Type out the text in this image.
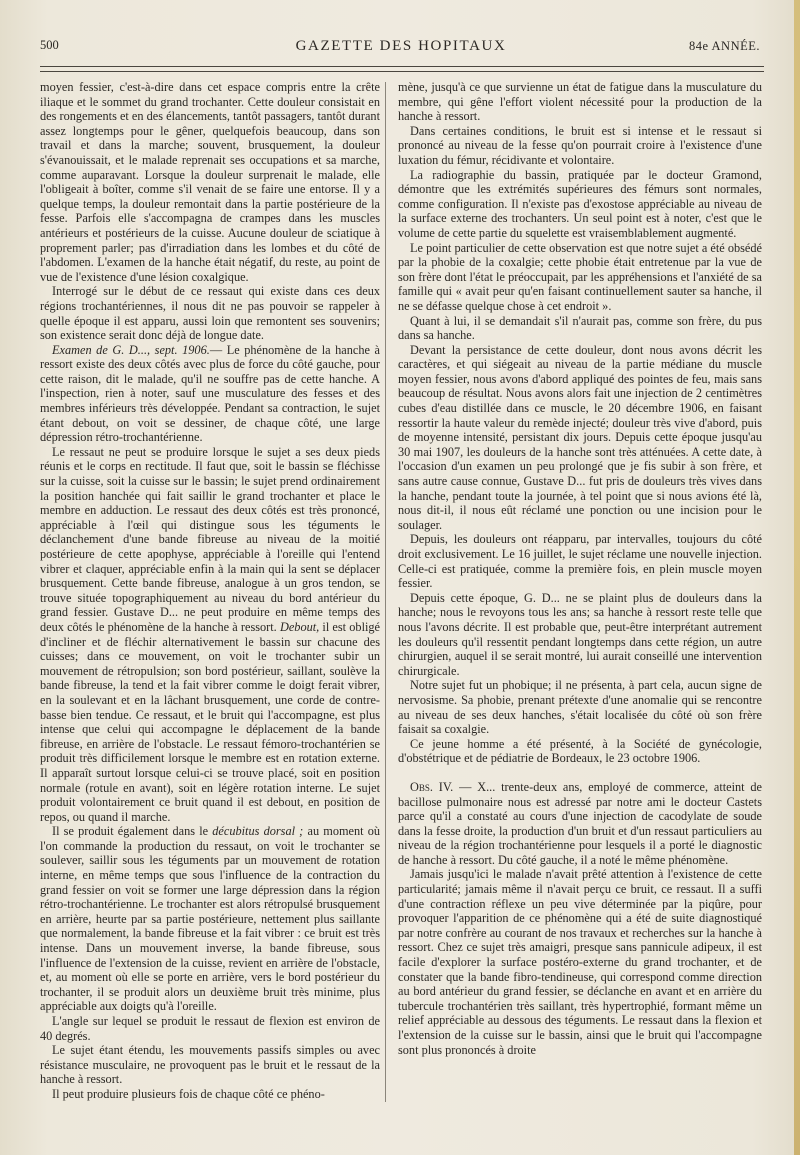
500	GAZETTE DES HOPITAUX	84e ANNÉE.

moyen fessier, c'est-à-dire dans cet espace compris entre la crête iliaque et le sommet du grand trochanter. Cette douleur consistait en des rongements et en des élancements, tantôt passagers, tantôt durant assez longtemps pour le gêner, quelquefois beaucoup, dans son travail et dans la marche; souvent, brusquement, la douleur s'évanouissait, et le malade reprenait ses occupations et sa marche, comme auparavant. Lorsque la douleur surprenait le malade, elle l'obligeait à boîter, comme s'il venait de se faire une entorse. Il y a quelque temps, la douleur remontait dans la partie postérieure de la fesse. Parfois elle s'accompagna de crampes dans les muscles antérieurs et postérieurs de la cuisse. Aucune douleur de sciatique à proprement parler; pas d'irradiation dans les lombes et du côté de l'abdomen. L'examen de la hanche était négatif, du reste, au point de vue de l'existence d'une lésion coxalgique.

Interrogé sur le début de ce ressaut qui existe dans ces deux régions trochantériennes, il nous dit ne pas pouvoir se rappeler à quelle époque il est apparu, aussi loin que remontent ses souvenirs; son existence serait donc déjà de longue date.

Examen de G. D..., sept. 1906.— Le phénomène de la hanche à ressort existe des deux côtés avec plus de force du côté gauche, pour cette raison, dit le malade, qu'il ne souffre pas de cette hanche. A l'inspection, rien à noter, sauf une musculature des fesses et des membres inférieurs très développée. Pendant sa contraction, le sujet étant debout, on voit se dessiner, de chaque côté, une large dépression rétro-trochantérienne.

Le ressaut ne peut se produire lorsque le sujet a ses deux pieds réunis et le corps en rectitude. Il faut que, soit le bassin se fléchisse sur la cuisse, soit la cuisse sur le bassin; le sujet prend ordinairement la position hanchée qui fait saillir le grand trochanter et place le membre en adduction. Le ressaut des deux côtés est très prononcé, appréciable à l'œil qui distingue sous les téguments le déclanchement d'une bande fibreuse au niveau de la moitié postérieure de cette apophyse, appréciable à l'oreille qui l'entend vibrer et claquer, appréciable enfin à la main qui la sent se déplacer brusquement. Cette bande fibreuse, analogue à un gros tendon, se trouve située topographiquement au niveau du bord antérieur du grand fessier. Gustave D... ne peut produire en même temps des deux côtés le phénomène de la hanche à ressort. Debout, il est obligé d'incliner et de fléchir alternativement le bassin sur chacune des cuisses; dans ce mouvement, on voit le trochanter subir un mouvement de rétropulsion; son bord postérieur, saillant, soulève la bande fibreuse, la tend et la fait vibrer comme le doigt ferait vibrer, en la soulevant et en la lâchant brusquement, une corde de contre-basse bien tendue. Ce ressaut, et le bruit qui l'accompagne, est plus intense que celui qui accompagne le déplacement de la bande fibreuse, en arrière de l'obstacle. Le ressaut fémoro-trochantérien se produit très difficilement lorsque le membre est en rotation externe. Il apparaît surtout lorsque celui-ci se trouve placé, soit en position normale (rotule en avant), soit en légère rotation interne. Le sujet produit volontairement ce bruit quand il est debout, en position de repos, ou quand il marche.

Il se produit également dans le décubitus dorsal ; au moment où l'on commande la production du ressaut, on voit le trochanter se soulever, saillir sous les téguments par un mouvement de rotation interne, en même temps que sous l'influence de la contraction du grand fessier on voit se former une large dépression dans la région rétro-trochantérienne. Le trochanter est alors rétropulsé brusquement en arrière, heurte par sa partie postérieure, nettement plus saillante que normalement, la bande fibreuse et la fait vibrer : ce bruit est très intense. Dans un mouvement inverse, la bande fibreuse, sous l'influence de l'extension de la cuisse, revient en arrière de l'obstacle, et, au moment où elle se porte en arrière, vers le bord postérieur du trochanter, il se produit alors un deuxième bruit très minime, plus appréciable aux doigts qu'à l'oreille.

L'angle sur lequel se produit le ressaut de flexion est environ de 40 degrés.

Le sujet étant étendu, les mouvements passifs simples ou avec résistance musculaire, ne provoquent pas le bruit et le ressaut de la hanche à ressort.

Il peut produire plusieurs fois de chaque côté ce phéno-

mène, jusqu'à ce que survienne un état de fatigue dans la musculature du membre, qui gêne l'effort violent nécessité pour la production de la hanche à ressort.

Dans certaines conditions, le bruit est si intense et le ressaut si prononcé au niveau de la fesse qu'on pourrait croire à l'existence d'une luxation du fémur, récidivante et volontaire.

La radiographie du bassin, pratiquée par le docteur Gramond, démontre que les extrémités supérieures des fémurs sont normales, comme configuration. Il n'existe pas d'exostose appréciable au niveau de la surface externe des trochanters. Un seul point est à noter, c'est que le volume de cette partie du squelette est vraisemblablement augmenté.

Le point particulier de cette observation est que notre sujet a été obsédé par la phobie de la coxalgie; cette phobie était entretenue par la vue de son frère dont l'état le préoccupait, par les appréhensions et l'anxiété de sa famille qui « avait peur qu'en faisant continuellement sauter sa hanche, il ne se défasse quelque chose à cet endroit ».

Quant à lui, il se demandait s'il n'aurait pas, comme son frère, du pus dans sa hanche.

Devant la persistance de cette douleur, dont nous avons décrit les caractères, et qui siégeait au niveau de la partie médiane du muscle moyen fessier, nous avons d'abord appliqué des pointes de feu, mais sans beaucoup de résultat. Nous avons alors fait une injection de 2 centimètres cubes d'eau distillée dans ce muscle, le 20 décembre 1906, en faisant ressortir la haute valeur du remède injecté; douleur très vive d'abord, puis de moyenne intensité, persistant dix jours. Depuis cette époque jusqu'au 30 mai 1907, les douleurs de la hanche sont très atténuées. A cette date, à l'occasion d'un examen un peu prolongé que je fis subir à son frère, et sans autre cause connue, Gustave D... fut pris de douleurs très vives dans la hanche, pendant toute la journée, à tel point que si nous avions été là, nous dit-il, il nous eût réclamé une ponction ou une incision pour le soulager.

Depuis, les douleurs ont réapparu, par intervalles, toujours du côté droit exclusivement. Le 16 juillet, le sujet réclame une nouvelle injection. Celle-ci est pratiquée, comme la première fois, en plein muscle moyen fessier.

Depuis cette époque, G. D... ne se plaint plus de douleurs dans la hanche; nous le revoyons tous les ans; sa hanche à ressort reste telle que nous l'avons décrite. Il est probable que, peut-être interprétant autrement les douleurs qu'il ressentit pendant longtemps dans cette région, un autre chirurgien, auquel il se serait montré, lui aurait conseillé une intervention chirurgicale.

Notre sujet fut un phobique; il ne présenta, à part cela, aucun signe de nervosisme. Sa phobie, prenant prétexte d'une anomalie qui se rencontre au niveau de ses deux hanches, s'était localisée du côté où son frère faisait sa coxalgie.

Ce jeune homme a été présenté, à la Société de gynécologie, d'obstétrique et de pédiatrie de Bordeaux, le 23 octobre 1906.

Obs. IV. — X... trente-deux ans, employé de commerce, atteint de bacillose pulmonaire nous est adressé par notre ami le docteur Castets parce qu'il a constaté au cours d'une injection de cacodylate de soude dans la fesse droite, la production d'un bruit et d'un ressaut particuliers au niveau de la région trochantérienne pour lesquels il a porté le diagnostic de hanche à ressort. Du côté gauche, il a noté le même phénomène.

Jamais jusqu'ici le malade n'avait prêté attention à l'existence de cette particularité; jamais même il n'avait perçu ce bruit, ce ressaut. Il a suffi d'une contraction réflexe un peu vive déterminée par la piqûre, pour provoquer l'apparition de ce phénomène qui a été de suite diagnostiqué par notre confrère au courant de nos travaux et recherches sur la hanche à ressort. Chez ce sujet très amaigri, presque sans pannicule adipeux, il est facile d'explorer la surface postéro-externe du grand trochanter, et de constater que la bande fibro-tendineuse, qui correspond comme direction au bord antérieur du grand fessier, se déclanche en avant et en arrière du tubercule trochantérien très saillant, très hypertrophié, formant même un relief appréciable au dessous des téguments. Le ressaut dans la flexion et l'extension de la cuisse sur le bassin, ainsi que le bruit qui l'accompagne sont plus prononcés à droite
